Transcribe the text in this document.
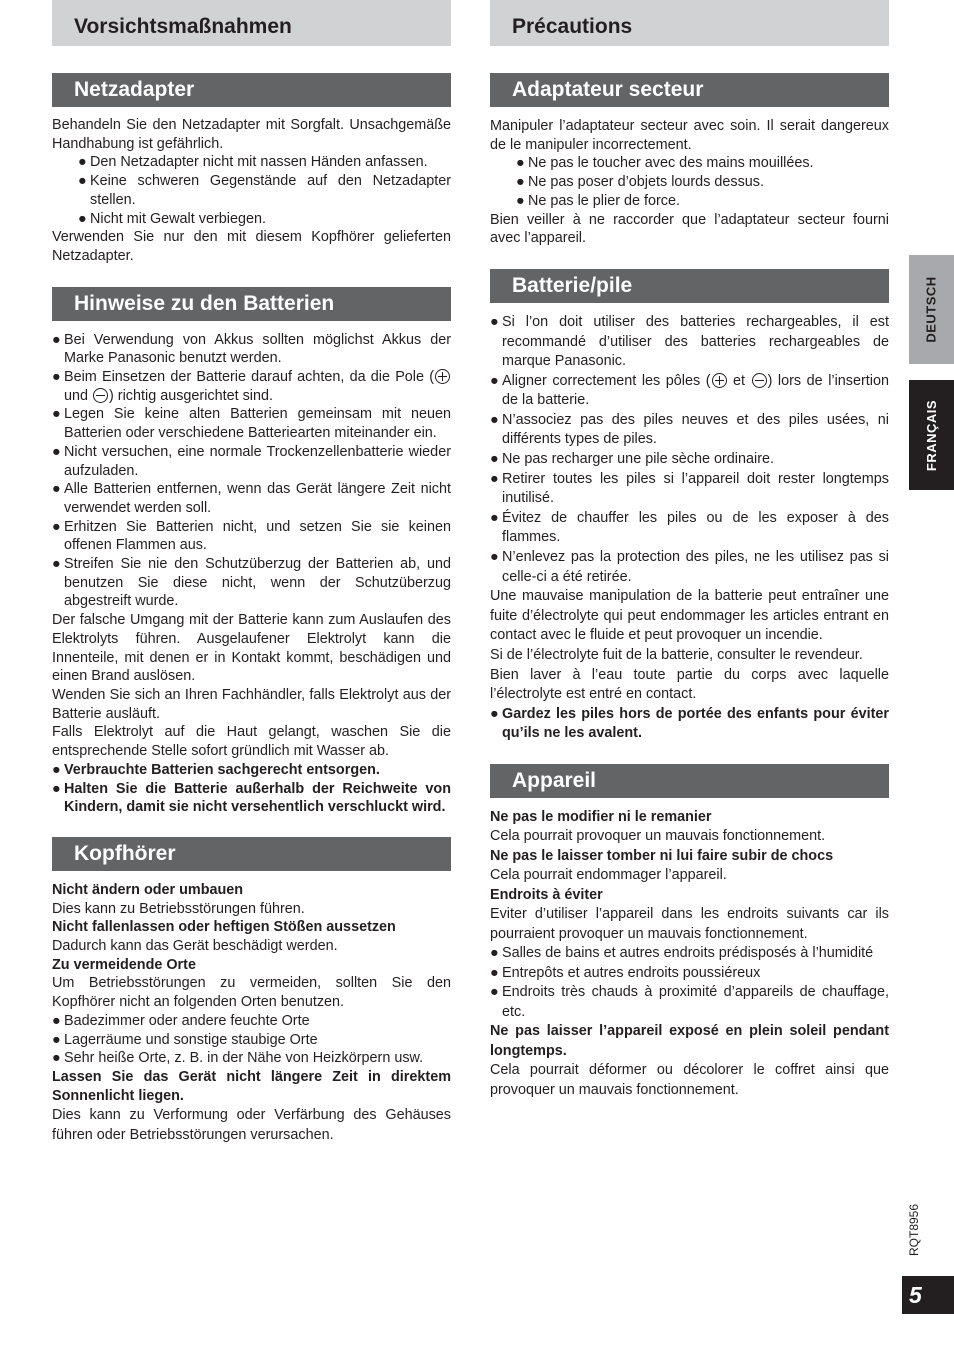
Vorsichtsmaßnahmen
Netzadapter
Behandeln Sie den Netzadapter mit Sorgfalt. Unsachgemäße Handhabung ist gefährlich.
● Den Netzadapter nicht mit nassen Händen anfassen.
● Keine schweren Gegenstände auf den Netzadapter stellen.
● Nicht mit Gewalt verbiegen.
Verwenden Sie nur den mit diesem Kopfhörer gelieferten Netzadapter.
Hinweise zu den Batterien
● Bei Verwendung von Akkus sollten möglichst Akkus der Marke Panasonic benutzt werden.
● Beim Einsetzen der Batterie darauf achten, da die Pole ( und ) richtig ausgerichtet sind.
● Legen Sie keine alten Batterien gemeinsam mit neuen Batterien oder verschiedene Batteriearten miteinander ein.
● Nicht versuchen, eine normale Trockenzellenbatterie wieder aufzuladen.
● Alle Batterien entfernen, wenn das Gerät längere Zeit nicht verwendet werden soll.
● Erhitzen Sie Batterien nicht, und setzen Sie sie keinen offenen Flammen aus.
● Streifen Sie nie den Schutzüberzug der Batterien ab, und benutzen Sie diese nicht, wenn der Schutzüberzug abgestreift wurde.
Der falsche Umgang mit der Batterie kann zum Auslaufen des Elektrolyts führen. Ausgelaufener Elektrolyt kann die Innenteile, mit denen er in Kontakt kommt, beschädigen und einen Brand auslösen.
Wenden Sie sich an Ihren Fachhändler, falls Elektrolyt aus der Batterie ausläuft.
Falls Elektrolyt auf die Haut gelangt, waschen Sie die entsprechende Stelle sofort gründlich mit Wasser ab.
● Verbrauchte Batterien sachgerecht entsorgen.
● Halten Sie die Batterie außerhalb der Reichweite von Kindern, damit sie nicht versehentlich verschluckt wird.
Kopfhörer
Nicht ändern oder umbauen
Dies kann zu Betriebsstörungen führen.
Nicht fallenlassen oder heftigen Stößen aussetzen
Dadurch kann das Gerät beschädigt werden.
Zu vermeidende Orte
Um Betriebsstörungen zu vermeiden, sollten Sie den Kopfhörer nicht an folgenden Orten benutzen.
● Badezimmer oder andere feuchte Orte
● Lagerräume und sonstige staubige Orte
● Sehr heiße Orte, z. B. in der Nähe von Heizkörpern usw.
Lassen Sie das Gerät nicht längere Zeit in direktem Sonnenlicht liegen.
Dies kann zu Verformung oder Verfärbung des Gehäuses führen oder Betriebsstörungen verursachen.
Précautions
Adaptateur secteur
Manipuler l’adaptateur secteur avec soin. Il serait dangereux de le manipuler incorrectement.
● Ne pas le toucher avec des mains mouillées.
● Ne pas poser d’objets lourds dessus.
● Ne pas le plier de force.
Bien veiller à ne raccorder que l’adaptateur secteur fourni avec l’appareil.
Batterie/pile
● Si l’on doit utiliser des batteries rechargeables, il est recommandé d’utiliser des batteries rechargeables de marque Panasonic.
● Aligner correctement les pôles ( et ) lors de l’insertion de la batterie.
● N’associez pas des piles neuves et des piles usées, ni différents types de piles.
● Ne pas recharger une pile sèche ordinaire.
● Retirer toutes les piles si l’appareil doit rester longtemps inutilisé.
● Évitez de chauffer les piles ou de les exposer à des flammes.
● N’enlevez pas la protection des piles, ne les utilisez pas si celle-ci a été retirée.
Une mauvaise manipulation de la batterie peut entraîner une fuite d’électrolyte qui peut endommager les articles entrant en contact avec le fluide et peut provoquer un incendie.
Si de l’électrolyte fuit de la batterie, consulter le revendeur.
Bien laver à l’eau toute partie du corps avec laquelle l’électrolyte est entré en contact.
● Gardez les piles hors de portée des enfants pour éviter qu’ils ne les avalent.
Appareil
Ne pas le modifier ni le remanier
Cela pourrait provoquer un mauvais fonctionnement.
Ne pas le laisser tomber ni lui faire subir de chocs
Cela pourrait endommager l’appareil.
Endroits à éviter
Eviter d’utiliser l’appareil dans les endroits suivants car ils pourraient provoquer un mauvais fonctionnement.
● Salles de bains et autres endroits prédisposés à l’humidité
● Entrepôts et autres endroits poussiéreux
● Endroits très chauds à proximité d’appareils de chauffage, etc.
Ne pas laisser l’appareil exposé en plein soleil pendant longtemps.
Cela pourrait déformer ou décolorer le coffret ainsi que provoquer un mauvais fonctionnement.
DEUTSCH
FRANÇAIS
RQT8956
5
